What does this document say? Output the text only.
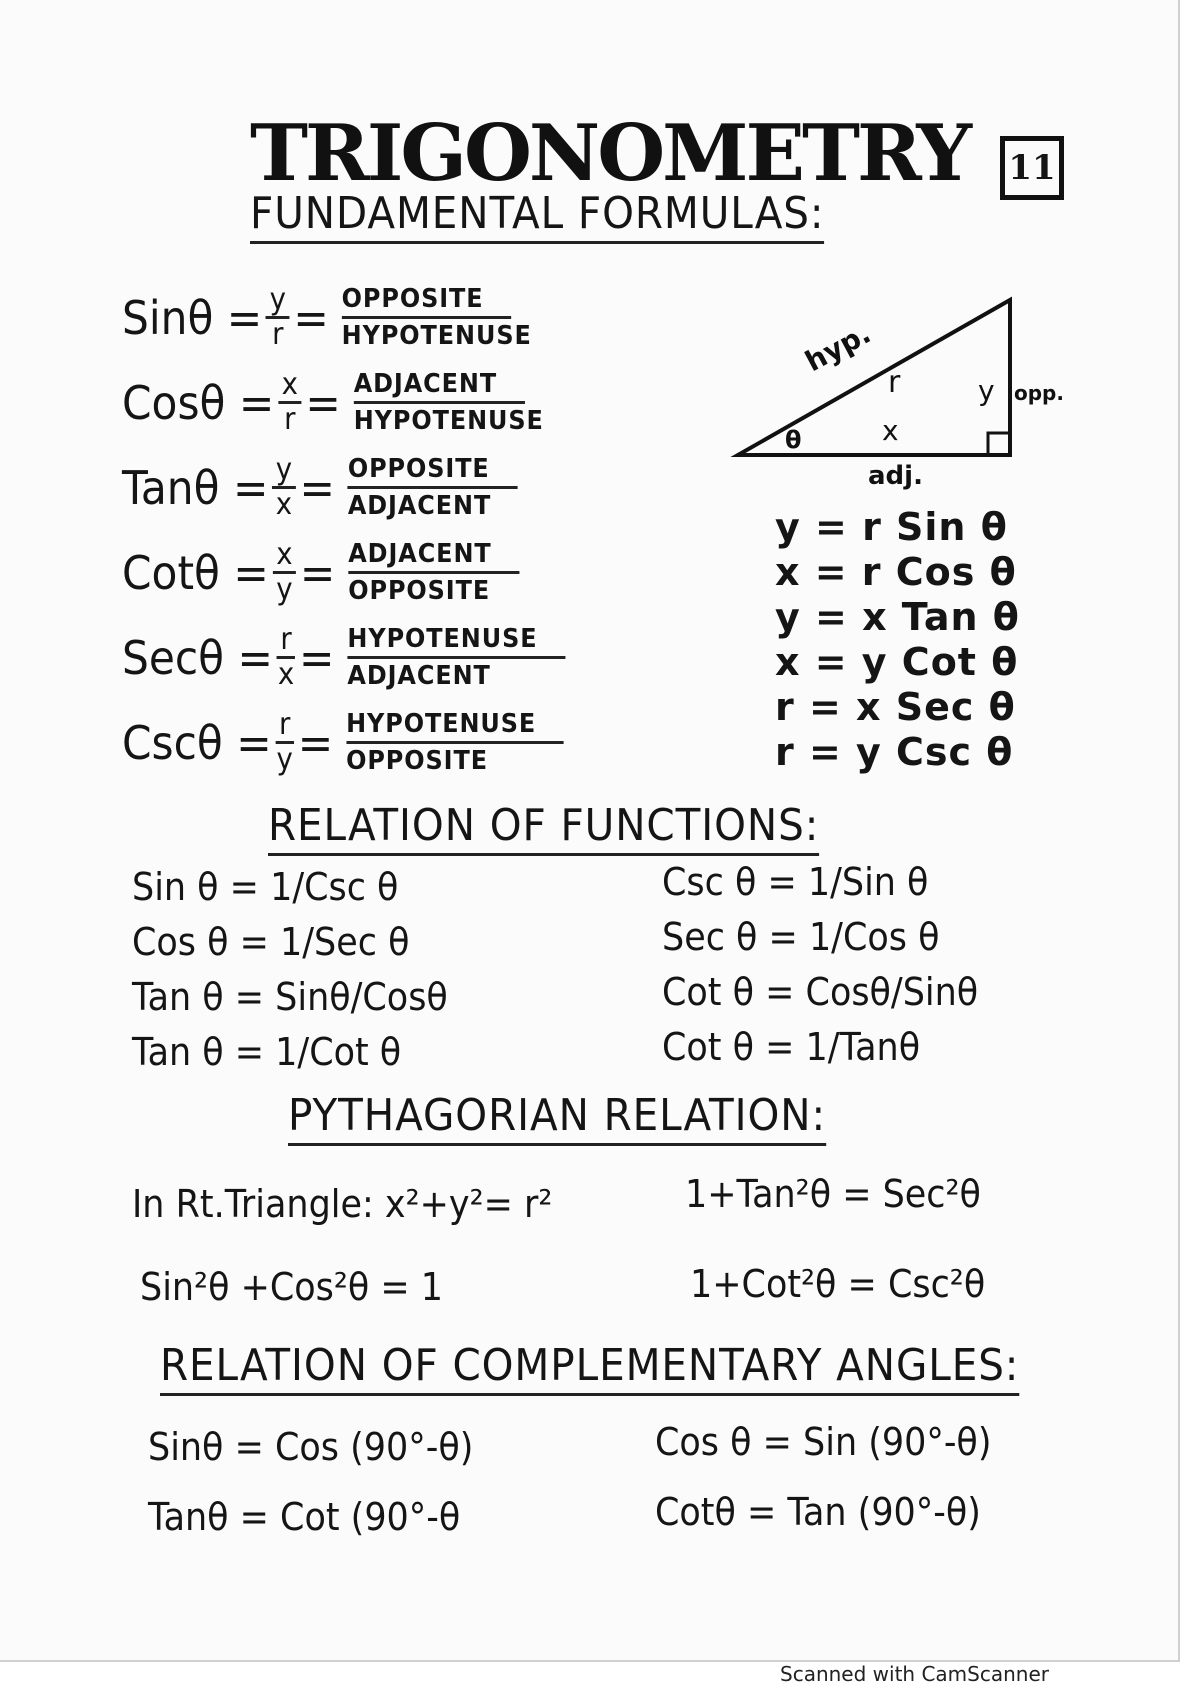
TRIGONOMETRY 11
FUNDAMENTAL FORMULAS:
$Sin\theta = \frac{y}{r}$ = OPPOSITE
HYPOTENUSE
$Cos\theta = \frac{x}{r}$ = ADJACENT
HYPOTENUSE
$Tan\theta = \frac{y}{x}$ = OPPOSITE
ADJACENT
$Cot\theta = \frac{x}{y}$ = ADJACENT
OPPOSITE
$Sec\theta = \frac{r}{x}$ = HYPOTENUSE
ADJACENT
$Csc\theta = \frac{r}{y}$ = HYPOTENUSE
OPPOSITE
hyp.
r	y opp.
θ	x
adj.
y = r Sin θ
x = r Cos θ
y = x Tan θ
x = y Cot θ
r = x Sec θ
r = y Csc θ
RELATION OF FUNCTIONS:
Sin θ = 1/Csc θ
Cos θ = 1/Sec θ
Tan θ = Sinθ/Cosθ
Tan θ = 1/Cot θ
Csc θ = 1/Sin θ
Sec θ = 1/Cos θ
Cot θ = Cosθ/Sinθ
Cot θ = 1/Tanθ
PYTHAGORIAN RELATION:
In Rt.Triangle: x²+y²= r²	1+Tan²θ = Sec²θ
Sin²θ +Cos²θ = 1	1+Cot²θ = Csc²θ
RELATION OF COMPLEMENTARY ANGLES:
Sinθ = Cos (90°-θ)	Cos θ = Sin (90°-θ)
Tanθ = Cot (90°-θ	Cotθ = Tan (90°-θ)
Scanned with CamScanner
